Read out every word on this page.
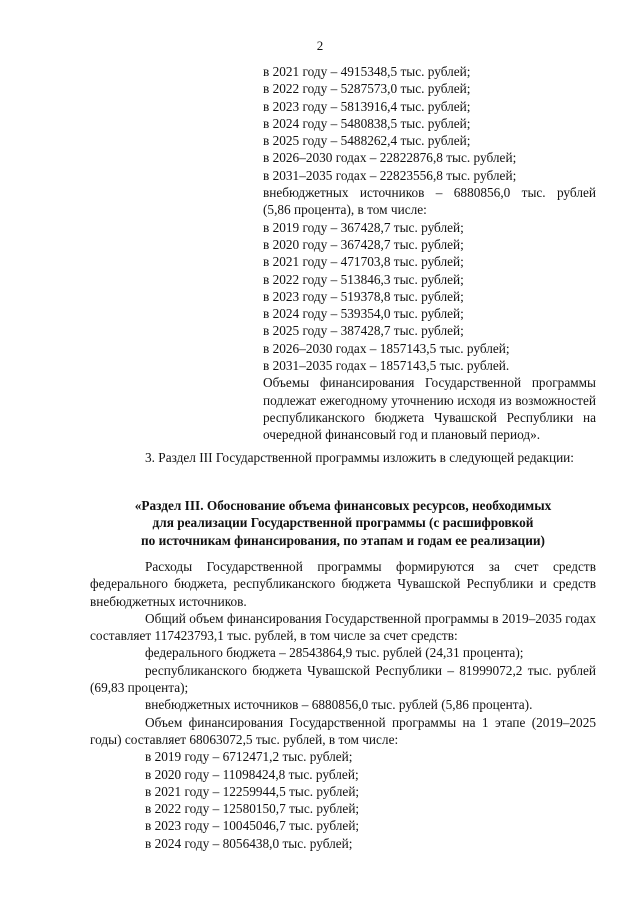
2
в 2021 году – 4915348,5 тыс. рублей;
в 2022 году – 5287573,0 тыс. рублей;
в 2023 году – 5813916,4 тыс. рублей;
в 2024 году – 5480838,5 тыс. рублей;
в 2025 году – 5488262,4 тыс. рублей;
в 2026–2030 годах – 22822876,8 тыс. рублей;
в 2031–2035 годах – 22823556,8 тыс. рублей;
внебюджетных источников – 6880856,0 тыс. рублей
(5,86 процента), в том числе:
в 2019 году – 367428,7 тыс. рублей;
в 2020 году – 367428,7 тыс. рублей;
в 2021 году – 471703,8 тыс. рублей;
в 2022 году – 513846,3 тыс. рублей;
в 2023 году – 519378,8 тыс. рублей;
в 2024 году – 539354,0 тыс. рублей;
в 2025 году – 387428,7 тыс. рублей;
в 2026–2030 годах – 1857143,5 тыс. рублей;
в 2031–2035 годах – 1857143,5 тыс. рублей.
Объемы финансирования Государственной программы подлежат ежегодному уточнению исходя из возможностей республиканского бюджета Чувашской Республики на очередной финансовый год и плановый период».
3. Раздел III Государственной программы изложить в следующей редакции:
«Раздел III. Обоснование объема финансовых ресурсов, необходимых
для реализации Государственной программы (с расшифровкой
по источникам финансирования, по этапам и годам ее реализации)
Расходы Государственной программы формируются за счет средств федерального бюджета, республиканского бюджета Чувашской Республики и средств внебюджетных источников.
Общий объем финансирования Государственной программы в 2019–2035 годах составляет 117423793,1 тыс. рублей, в том числе за счет средств:
федерального бюджета – 28543864,9 тыс. рублей (24,31 процента);
республиканского бюджета Чувашской Республики – 81999072,2 тыс. рублей (69,83 процента);
внебюджетных источников – 6880856,0 тыс. рублей (5,86 процента).
Объем финансирования Государственной программы на 1 этапе (2019–2025 годы) составляет 68063072,5 тыс. рублей, в том числе:
в 2019 году – 6712471,2 тыс. рублей;
в 2020 году – 11098424,8 тыс. рублей;
в 2021 году – 12259944,5 тыс. рублей;
в 2022 году – 12580150,7 тыс. рублей;
в 2023 году – 10045046,7 тыс. рублей;
в 2024 году – 8056438,0 тыс. рублей;
